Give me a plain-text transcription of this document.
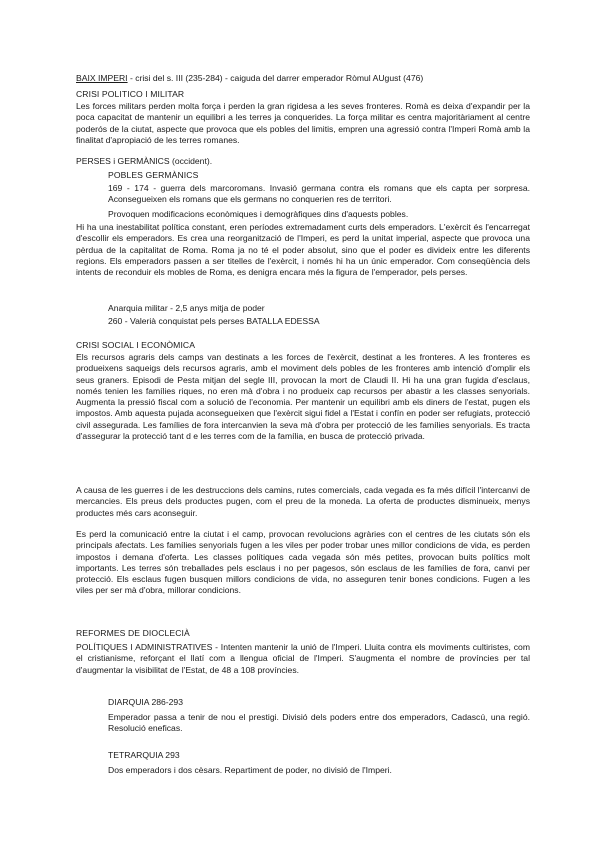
BAIX IMPERI - crisi del s. III (235-284) - caiguda del darrer emperador Ròmul AUgust (476)
CRISI POLITICO I MILITAR
Les forces militars perden molta força i perden la gran rigidesa a les seves fronteres. Romà es deixa d'expandir per la poca capacitat de mantenir un equilibri a les terres ja conquerides. La força militar es centra majoritàriament al centre poderós de la ciutat, aspecte que provoca que els pobles del limitis, empren una agressió contra l'Imperi Romà amb la finalitat d'apropiació de les terres romanes.
PERSES i GERMÀNICS (occident).
POBLES GERMÀNICS
169 - 174 - guerra dels marcoromans. Invasió germana contra els romans que els capta per sorpresa. Aconsegueixen els romans que els germans no conquerien res de territori.
Provoquen modificacions econòmiques i demogràfiques dins d'aquests pobles.
Hi ha una inestabilitat política constant, eren períodes extremadament curts dels emperadors. L'exèrcit és l'encarregat d'escollir els emperadors. Es crea una reorganització de l'Imperi, es perd la unitat imperial, aspecte que provoca una pèrdua de la capitalitat de Roma. Roma ja no té el poder absolut, sino que el poder es divideix entre les diferents regions. Els emperadors passen a ser titelles de l'exèrcit, i només hi ha un únic emperador. Com conseqüència dels intents de reconduir els mobles de Roma, es denigra encara més la figura de l'emperador, pels perses.
Anarquia militar - 2,5 anys mitja de poder
260 - Valerià conquistat pels perses BATALLA EDESSA
CRISI SOCIAL I ECONÒMICA
Els recursos agraris dels camps van destinats a les forces de l'exèrcit, destinat a les fronteres. A les fronteres es produeixens saqueigs dels recursos agraris, amb el moviment dels pobles de les fronteres amb intenció d'omplir els seus graners. Episodi de Pesta mitjan del segle III, provocan la mort de Claudi II. Hi ha una gran fugida d'esclaus, només tenien les famílies riques, no eren mà d'obra i no produeix cap recursos per abastir a les classes senyorials. Augmenta la pressió fiscal com a solució de l'economia. Per mantenir un equilibri amb els diners de l'estat, pugen els impostos. Amb aquesta pujada aconsegueixen que l'exèrcit sigui fidel a l'Estat i confín en poder ser refugiats, protecció civil assegurada. Les famílies de fora intercanvien la seva mà d'obra per protecció de les famílies senyorials. Es tracta d'assegurar la protecció tant d e les terres com de la família, en busca de protecció privada.
A causa de les guerres i de les destruccions dels camins, rutes comercials, cada vegada es fa més difícil l'intercanvi de mercancies. Els preus dels productes pugen, com el preu de la moneda. La oferta de productes disminueix, menys productes més cars aconseguir.
Es perd la comunicació entre la ciutat i el camp, provocan revolucions agràries con el centres de les ciutats són els principals afectats. Les famílies senyorials fugen a les viles per poder trobar unes millor condicions de vida, es perden impostos i demana d'oferta. Les classes polítiques cada vegada són més petites, provocan buits polítics molt importants. Les terres són treballades pels esclaus i no per pagesos, són esclaus de les famílies de fora, canvi per protecció. Els esclaus fugen busquen millors condicions de vida, no asseguren tenir bones condicions. Fugen a les viles per ser mà d'obra, millorar condicions.
REFORMES DE DIOCLECIÀ
POLÍTIQUES I ADMINISTRATIVES - Intenten mantenir la unió de l'Imperi. Lluita contra els moviments cultiristes, com el cristianisme, reforçant el llatí com a llengua oficial de l'Imperi. S'augmenta el nombre de províncies per tal d'augmentar la visibilitat de l'Estat, de 48 a 108 províncies.
DIARQUIA 286-293
Emperador passa a tenir de nou el prestigi. Divisió dels poders entre dos emperadors, Cadascú, una regió. Resolució eneficas.
TETRARQUIA 293
Dos emperadors i dos cèsars. Repartiment de poder, no divisió de l'Imperi.
